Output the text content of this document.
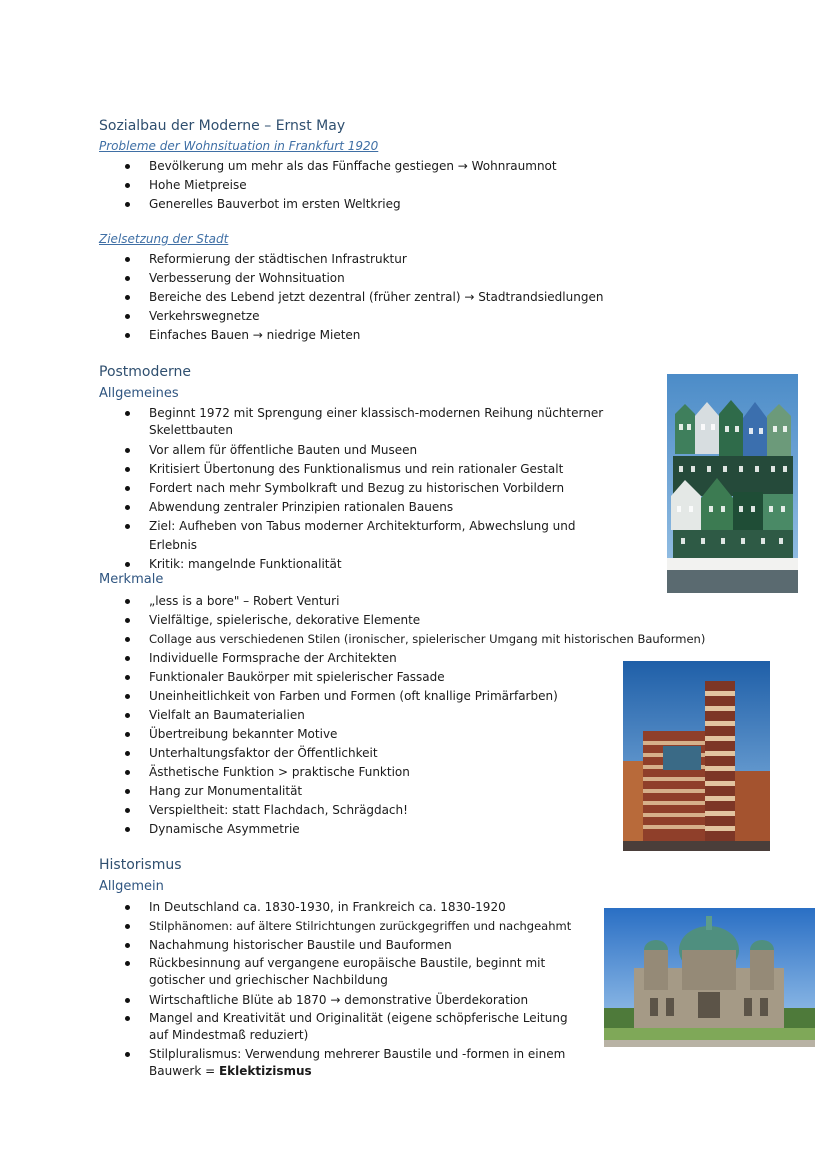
Sozialbau der Moderne – Ernst May
Probleme der Wohnsituation in Frankfurt 1920
Bevölkerung um mehr als das Fünffache gestiegen → Wohnraumnot
Hohe Mietpreise
Generelles Bauverbot im ersten Weltkrieg
Zielsetzung der Stadt
Reformierung der städtischen Infrastruktur
Verbesserung der Wohnsituation
Bereiche des Lebend jetzt dezentral (früher zentral) → Stadtrandsiedlungen
Verkehrswegnetze
Einfaches Bauen → niedrige Mieten
Postmoderne
Allgemeines
Beginnt 1972 mit Sprengung einer klassisch-modernen Reihung nüchterner Skelettbauten
Vor allem für öffentliche Bauten und Museen
Kritisiert Übertonung des Funktionalismus und rein rationaler Gestalt
Fordert nach mehr Symbolkraft und Bezug zu historischen Vorbildern
Abwendung zentraler Prinzipien rationalen Bauens
Ziel: Aufheben von Tabus moderner Architekturform, Abwechslung und Erlebnis
Kritik: mangelnde Funktionalität
Merkmale
„less is a bore" – Robert Venturi
Vielfältige, spielerische, dekorative Elemente
Collage aus verschiedenen Stilen (ironischer, spielerischer Umgang mit historischen Bauformen)
Individuelle Formsprache der Architekten
Funktionaler Baukörper mit spielerischer Fassade
Uneinheitlichkeit von Farben und Formen (oft knallige Primärfarben)
Vielfalt an Baumaterialien
Übertreibung bekannter Motive
Unterhaltungsfaktor der Öffentlichkeit
Ästhetische Funktion > praktische Funktion
Hang zur Monumentalität
Verspieltheit: statt Flachdach, Schrägdach!
Dynamische Asymmetrie
Historismus
Allgemein
In Deutschland ca. 1830-1930, in Frankreich ca. 1830-1920
Stilphänomen: auf ältere Stilrichtungen zurückgegriffen und nachgeahmt
Nachahmung historischer Baustile und Bauformen
Rückbesinnung auf vergangene europäische Baustile, beginnt mit gotischer und griechischer Nachbildung
Wirtschaftliche Blüte ab 1870 → demonstrative Überdekoration
Mangel and Kreativität und Originalität (eigene schöpferische Leitung auf Mindestmaß reduziert)
Stilpluralismus: Verwendung mehrerer Baustile und -formen in einem Bauwerk = Eklektizismus
